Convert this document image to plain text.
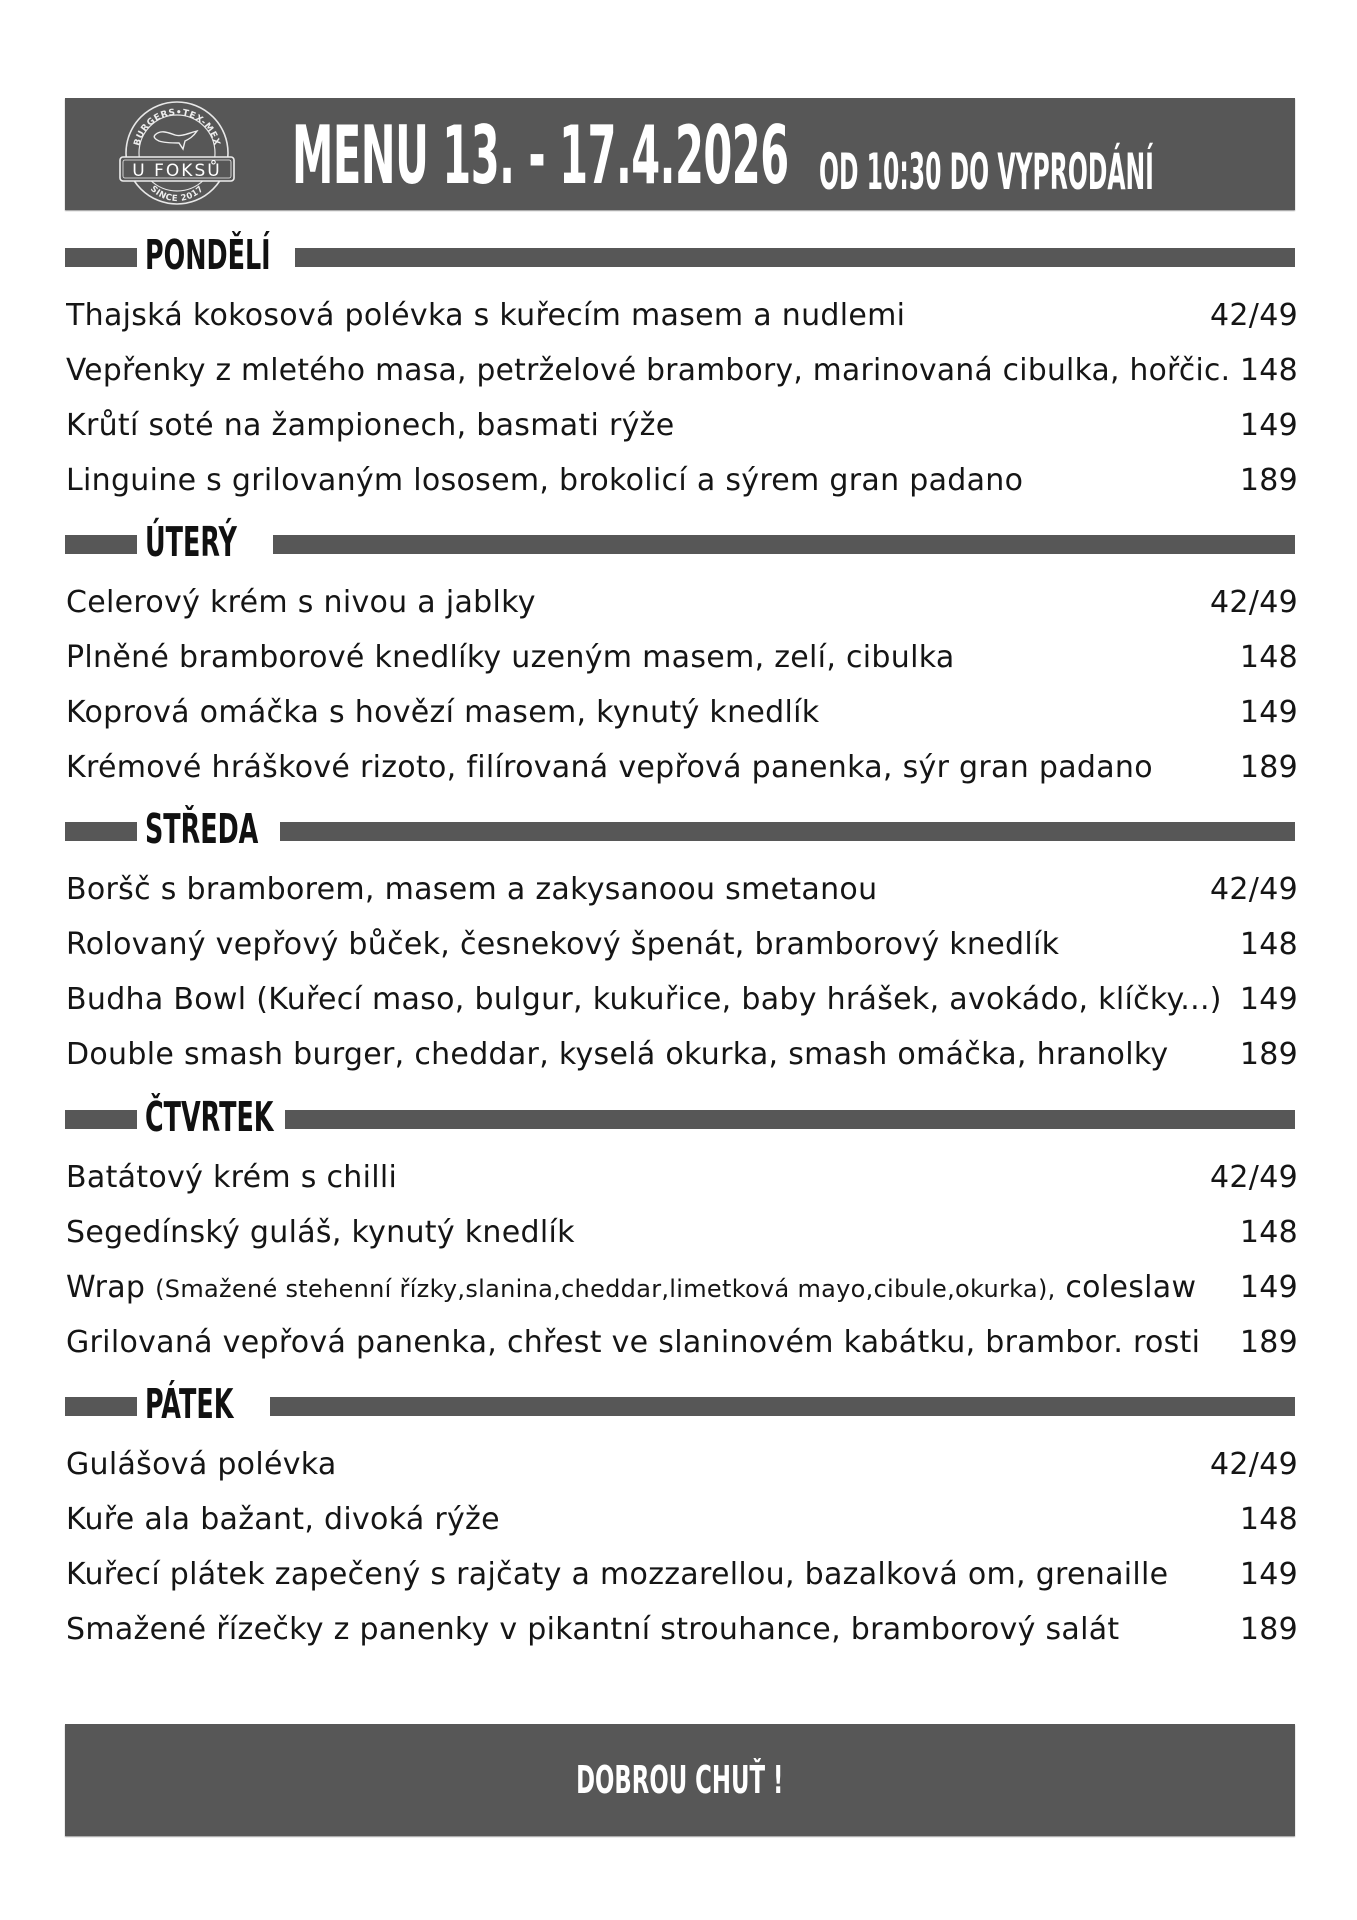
BURGERS•TEX-MEX
SINCE 2017
U FOKSŮ MENU 13. - 17.4.2026 OD 10:30 DO VYPRODÁNÍ
PONDĚLÍ
Thajská kokosová polévka s kuřecím masem a nudlemi	42/49
Vepřenky z mletého masa, petrželové brambory, marinovaná cibulka, hořčic. 148
Krůtí soté na žampionech, basmati rýže	149
Linguine s grilovaným lososem, brokolicí a sýrem gran padano	189
ÚTERÝ
Celerový krém s nivou a jablky	42/49
Plněné bramborové knedlíky uzeným masem, zelí, cibulka	148
Koprová omáčka s hovězí masem, kynutý knedlík	149
Krémové hráškové rizoto, filírovaná vepřová panenka, sýr gran padano	189
STŘEDA
Boršč s bramborem, masem a zakysanoou smetanou	42/49
Rolovaný vepřový bůček, česnekový špenát, bramborový knedlík	148
Budha Bowl (Kuřecí maso, bulgur, kukuřice, baby hrášek, avokádo, klíčky...) 149
Double smash burger, cheddar, kyselá okurka, smash omáčka, hranolky	189
ČTVRTEK
Batátový krém s chilli	42/49
Segedínský guláš, kynutý knedlík	148
Wrap (Smažené stehenní řízky,slanina,cheddar,limetková mayo,cibule,okurka), coleslaw	149
Grilovaná vepřová panenka, chřest ve slaninovém kabátku, brambor. rosti	189
PÁTEK
Gulášová polévka	42/49
Kuře ala bažant, divoká rýže	148
Kuřecí plátek zapečený s rajčaty a mozzarellou, bazalková om, grenaille	149
Smažené řízečky z panenky v pikantní strouhance, bramborový salát	189
DOBROU CHUŤ !
